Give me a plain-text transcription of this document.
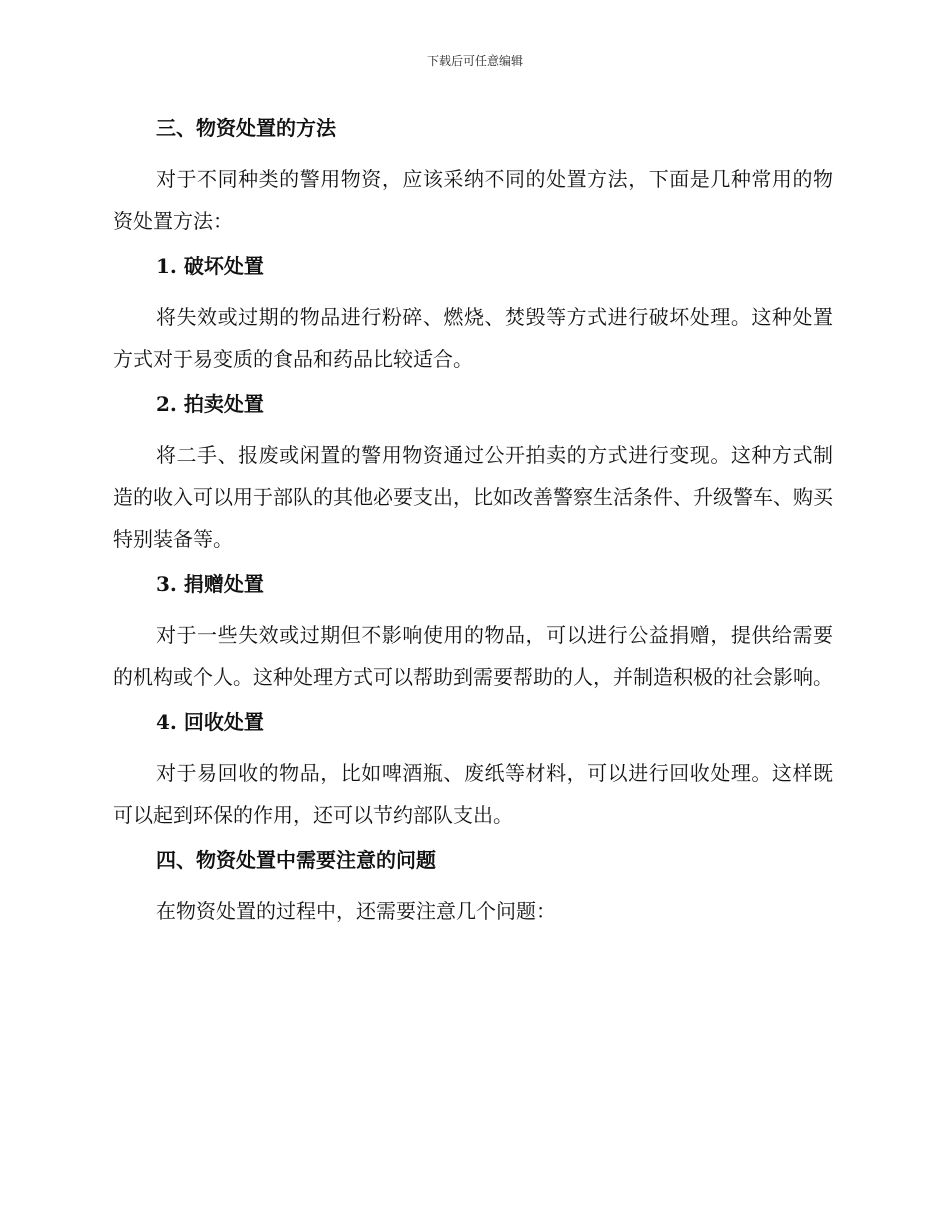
下载后可任意编辑
三、物资处置的方法

对于不同种类的警用物资，应该采纳不同的处置方法，下面是几种常用的物资处置方法：

1. 破坏处置

将失效或过期的物品进行粉碎、燃烧、焚毁等方式进行破坏处理。这种处置方式对于易变质的食品和药品比较适合。

2. 拍卖处置

将二手、报废或闲置的警用物资通过公开拍卖的方式进行变现。这种方式制造的收入可以用于部队的其他必要支出，比如改善警察生活条件、升级警车、购买特别装备等。

3. 捐赠处置

对于一些失效或过期但不影响使用的物品，可以进行公益捐赠，提供给需要的机构或个人。这种处理方式可以帮助到需要帮助的人，并制造积极的社会影响。

4. 回收处置

对于易回收的物品，比如啤酒瓶、废纸等材料，可以进行回收处理。这样既可以起到环保的作用，还可以节约部队支出。

四、物资处置中需要注意的问题

在物资处置的过程中，还需要注意几个问题：
